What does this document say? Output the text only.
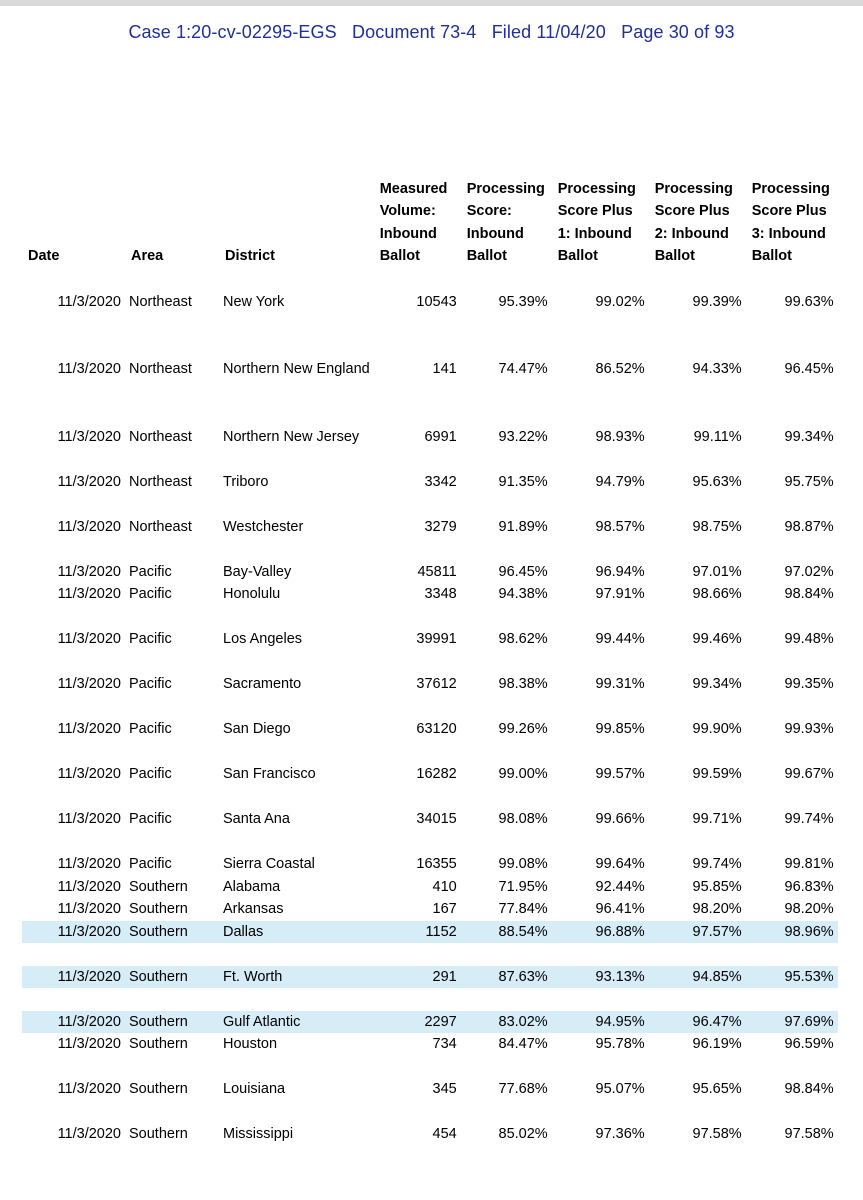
Case 1:20-cv-02295-EGS   Document 73-4   Filed 11/04/20   Page 30 of 93
Date	Area	District	Measured Volume: Inbound Ballot	Processing Score: Inbound Ballot	Processing Score Plus 1: Inbound Ballot	Processing Score Plus 2: Inbound Ballot	Processing Score Plus 3: Inbound Ballot

11/3/2020	Northeast	New York	10543	95.39%	99.02%	99.39%	99.63%

11/3/2020	Northeast	Northern New England	141	74.47%	86.52%	94.33%	96.45%

11/3/2020	Northeast	Northern New Jersey	6991	93.22%	98.93%	99.11%	99.34%

11/3/2020	Northeast	Triboro	3342	91.35%	94.79%	95.63%	95.75%

11/3/2020	Northeast	Westchester	3279	91.89%	98.57%	98.75%	98.87%

11/3/2020	Pacific	Bay-Valley	45811	96.45%	96.94%	97.01%	97.02%
11/3/2020	Pacific	Honolulu	3348	94.38%	97.91%	98.66%	98.84%

11/3/2020	Pacific	Los Angeles	39991	98.62%	99.44%	99.46%	99.48%

11/3/2020	Pacific	Sacramento	37612	98.38%	99.31%	99.34%	99.35%

11/3/2020	Pacific	San Diego	63120	99.26%	99.85%	99.90%	99.93%

11/3/2020	Pacific	San Francisco	16282	99.00%	99.57%	99.59%	99.67%

11/3/2020	Pacific	Santa Ana	34015	98.08%	99.66%	99.71%	99.74%

11/3/2020	Pacific	Sierra Coastal	16355	99.08%	99.64%	99.74%	99.81%
11/3/2020	Southern	Alabama	410	71.95%	92.44%	95.85%	96.83%
11/3/2020	Southern	Arkansas	167	77.84%	96.41%	98.20%	98.20%
11/3/2020	Southern	Dallas	1152	88.54%	96.88%	97.57%	98.96%

11/3/2020	Southern	Ft. Worth	291	87.63%	93.13%	94.85%	95.53%

11/3/2020	Southern	Gulf Atlantic	2297	83.02%	94.95%	96.47%	97.69%
11/3/2020	Southern	Houston	734	84.47%	95.78%	96.19%	96.59%

11/3/2020	Southern	Louisiana	345	77.68%	95.07%	95.65%	98.84%

11/3/2020	Southern	Mississippi	454	85.02%	97.36%	97.58%	97.58%
